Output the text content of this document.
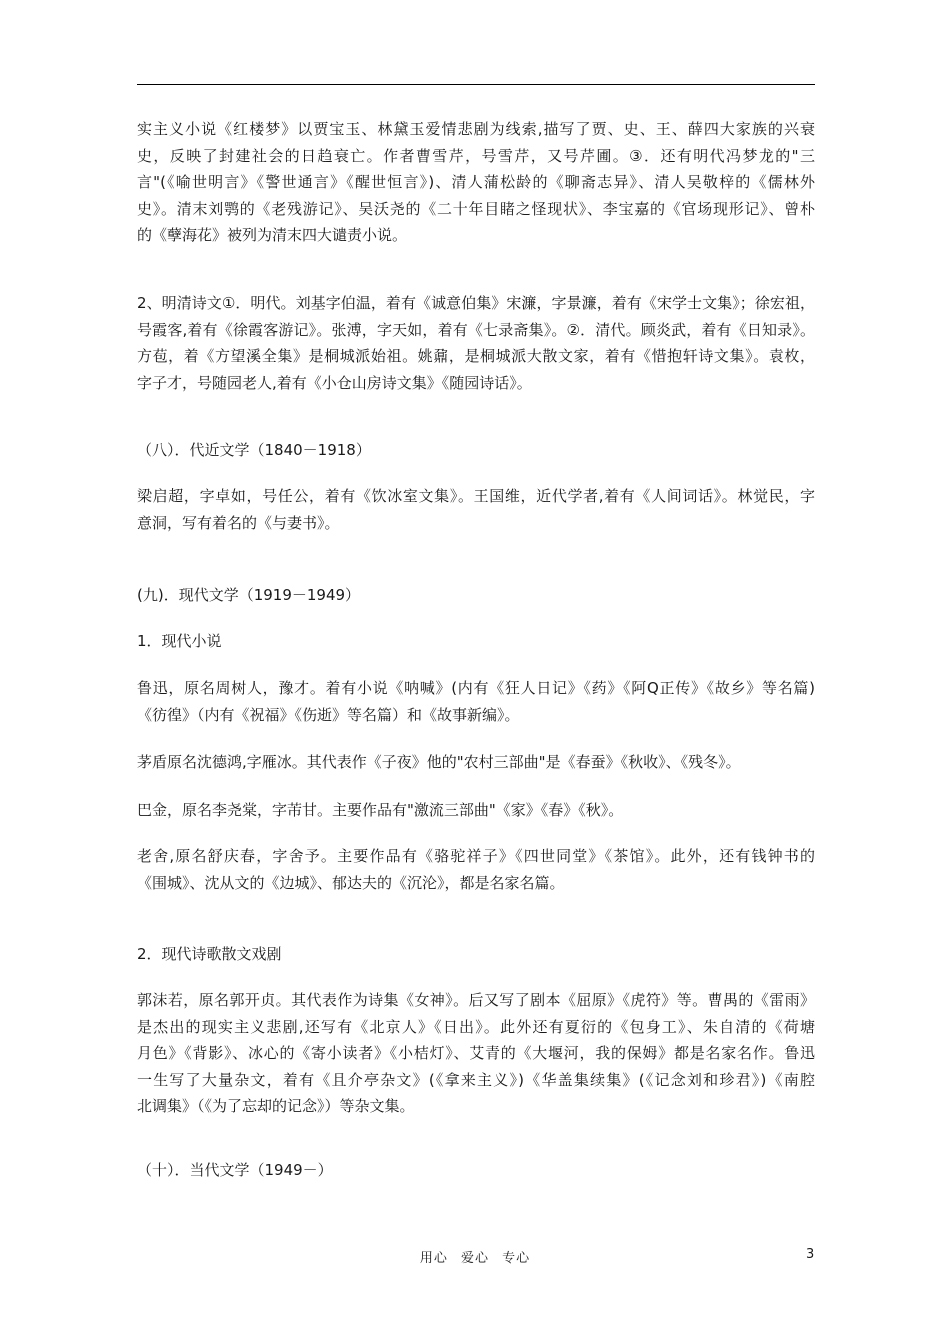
实主义小说《红楼梦》以贾宝玉、林黛玉爱情悲剧为线索,描写了贾、史、王、薛四大家族的兴衰
史，反映了封建社会的日趋衰亡。作者曹雪芹，号雪芹，又号芹圃。③．还有明代冯梦龙的"三
言"(《喻世明言》《警世通言》《醒世恒言》)、清人蒲松龄的《聊斋志异》、清人吴敬梓的《儒林外
史》。清末刘鹗的《老残游记》、吴沃尧的《二十年目睹之怪现状》、李宝嘉的《官场现形记》、曾朴
的《孽海花》被列为清末四大谴责小说。
2、明清诗文①．明代。刘基字伯温，着有《诚意伯集》宋濂，字景濂，着有《宋学士文集》；徐宏祖，
号霞客,着有《徐霞客游记》。张溥，字天如，着有《七录斋集》。②．清代。顾炎武，着有《日知录》。
方苞，着《方望溪全集》是桐城派始祖。姚鼐，是桐城派大散文家，着有《惜抱轩诗文集》。袁枚，
字子才，号随园老人,着有《小仓山房诗文集》《随园诗话》。
（八）．代近文学（1840－1918）
梁启超，字卓如，号任公，着有《饮冰室文集》。王国维，近代学者,着有《人间词话》。林觉民，字
意洞，写有着名的《与妻书》。
(九)．现代文学（1919－1949）
1．现代小说
鲁迅，原名周树人，豫才。着有小说《呐喊》(内有《狂人日记》《药》《阿Q正传》《故乡》等名篇)
《彷徨》（内有《祝福》《伤逝》等名篇）和《故事新编》。
茅盾原名沈德鸿,字雁冰。其代表作《子夜》他的"农村三部曲"是《春蚕》《秋收》、《残冬》。
巴金，原名李尧棠，字芾甘。主要作品有"激流三部曲"《家》《春》《秋》。
老舍,原名舒庆春，字舍予。主要作品有《骆驼祥子》《四世同堂》《茶馆》。此外，还有钱钟书的
《围城》、沈从文的《边城》、郁达夫的《沉沦》，都是名家名篇。
2．现代诗歌散文戏剧
郭沫若，原名郭开贞。其代表作为诗集《女神》。后又写了剧本《屈原》《虎符》等。曹禺的《雷雨》
是杰出的现实主义悲剧,还写有《北京人》《日出》。此外还有夏衍的《包身工》、朱自清的《荷塘
月色》《背影》、冰心的《寄小读者》《小桔灯》、艾青的《大堰河，我的保姆》都是名家名作。鲁迅
一生写了大量杂文，着有《且介亭杂文》(《拿来主义》)《华盖集续集》(《记念刘和珍君》)《南腔
北调集》（《为了忘却的记念》）等杂文集。
（十）．当代文学（1949－）
用心 爱心 专心	3
